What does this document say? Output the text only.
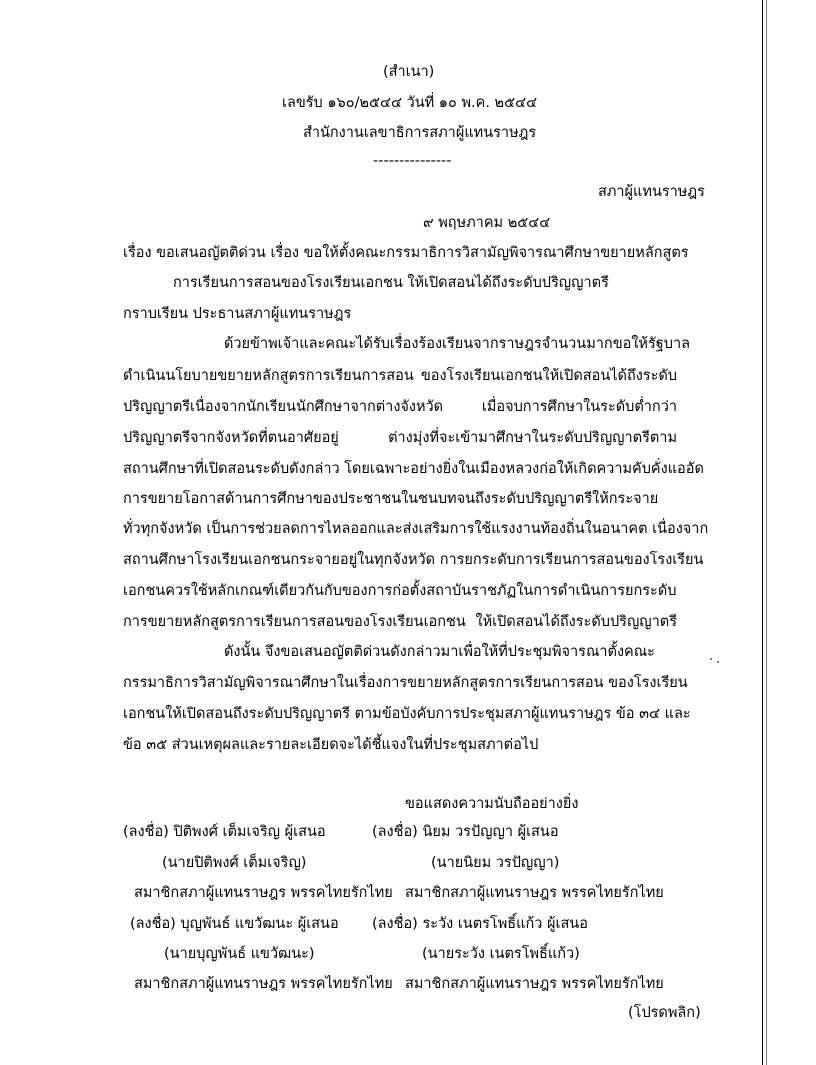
(สำเนา)
เลขรับ ๑๖๐/๒๕๔๔ วันที่ ๑๐ พ.ค. ๒๕๔๔
สำนักงานเลขาธิการสภาผู้แทนราษฎร
---------------
สภาผู้แทนราษฎร
๙ พฤษภาคม ๒๕๔๔
เรื่อง ขอเสนอญัตติด่วน เรื่อง ขอให้ตั้งคณะกรรมาธิการวิสามัญพิจารณาศึกษาขยายหลักสูตร
การเรียนการสอนของโรงเรียนเอกชน ให้เปิดสอนได้ถึงระดับปริญญาตรี
กราบเรียน ประธานสภาผู้แทนราษฎร
ด้วยข้าพเจ้าและคณะได้รับเรื่องร้องเรียนจากราษฎรจำนวนมากขอให้รัฐบาล
ดำเนินนโยบายขยายหลักสูตรการเรียนการสอน ของโรงเรียนเอกชนให้เปิดสอนได้ถึงระดับ
ปริญญาตรีเนื่องจากนักเรียนนักศึกษาจากต่างจังหวัด เมื่อจบการศึกษาในระดับต่ำกว่า
ปริญญาตรีจากจังหวัดที่ตนอาศัยอยู่ ต่างมุ่งที่จะเข้ามาศึกษาในระดับปริญญาตรีตาม
สถานศึกษาที่เปิดสอนระดับดังกล่าว โดยเฉพาะอย่างยิ่งในเมืองหลวงก่อให้เกิดความคับคั่งแออัด
การขยายโอกาสด้านการศึกษาของประชาชนในชนบทจนถึงระดับปริญญาตรีให้กระจาย
ทั่วทุกจังหวัด เป็นการช่วยลดการไหลออกและส่งเสริมการใช้แรงงานท้องถิ่นในอนาคต เนื่องจาก
สถานศึกษาโรงเรียนเอกชนกระจายอยู่ในทุกจังหวัด การยกระดับการเรียนการสอนของโรงเรียน
เอกชนควรใช้หลักเกณฑ์เดียวกันกับของการก่อตั้งสถาบันราชภัฏในการดำเนินการยกระดับ
การขยายหลักสูตรการเรียนการสอนของโรงเรียนเอกชน ให้เปิดสอนได้ถึงระดับปริญญาตรี
ดังนั้น จึงขอเสนอญัตติด่วนดังกล่าวมาเพื่อให้ที่ประชุมพิจารณาตั้งคณะ
กรรมาธิการวิสามัญพิจารณาศึกษาในเรื่องการขยายหลักสูตรการเรียนการสอน ของโรงเรียน
เอกชนให้เปิดสอนถึงระดับปริญญาตรี ตามข้อบังคับการประชุมสภาผู้แทนราษฎร ข้อ ๓๔ และ
ข้อ ๓๕ ส่วนเหตุผลและรายละเอียดจะได้ชี้แจงในที่ประชุมสภาต่อไป
ขอแสดงความนับถืออย่างยิ่ง
(ลงชื่อ) ปิติพงศ์ เต็มเจริญ ผู้เสนอ	(ลงชื่อ) นิยม วรปัญญา ผู้เสนอ
(นายปิติพงศ์ เต็มเจริญ)	(นายนิยม วรปัญญา)
สมาชิกสภาผู้แทนราษฎร พรรคไทยรักไทย สมาชิกสภาผู้แทนราษฎร พรรคไทยรักไทย
(ลงชื่อ) บุญพันธ์ แขวัฒนะ ผู้เสนอ (ลงชื่อ) ระวัง เนตรโพธิ์แก้ว ผู้เสนอ
(นายบุญพันธ์ แขวัฒนะ)	(นายระวัง เนตรโพธิ์แก้ว)
สมาชิกสภาผู้แทนราษฎร พรรคไทยรักไทย สมาชิกสภาผู้แทนราษฎร พรรคไทยรักไทย
(โปรดพลิก)
